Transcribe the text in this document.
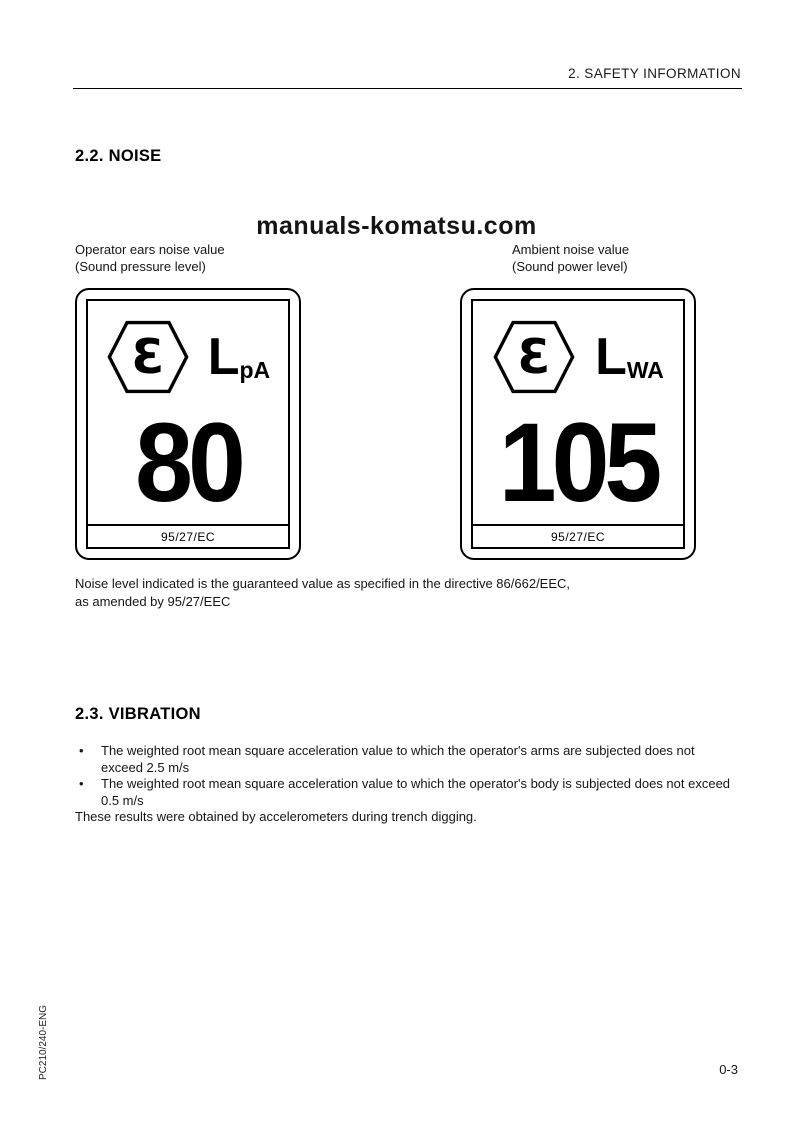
2. SAFETY INFORMATION
2.2. NOISE
manuals-komatsu.com
Operator ears noise value
(Sound pressure level)
Ambient noise value
(Sound power level)
Ɛ LpA
80
95/27/EC
Ɛ LWA
105
95/27/EC
Noise level indicated is the guaranteed value as specified in the directive 86/662/EEC,
as amended by 95/27/EEC
2.3. VIBRATION
•	The weighted root mean square acceleration value to which the operator's arms are subjected does not exceed 2.5 m/s
•	The weighted root mean square acceleration value to which the operator's body is subjected does not exceed 0.5 m/s
These results were obtained by accelerometers during trench digging.
PC210/240-ENG	0-3
